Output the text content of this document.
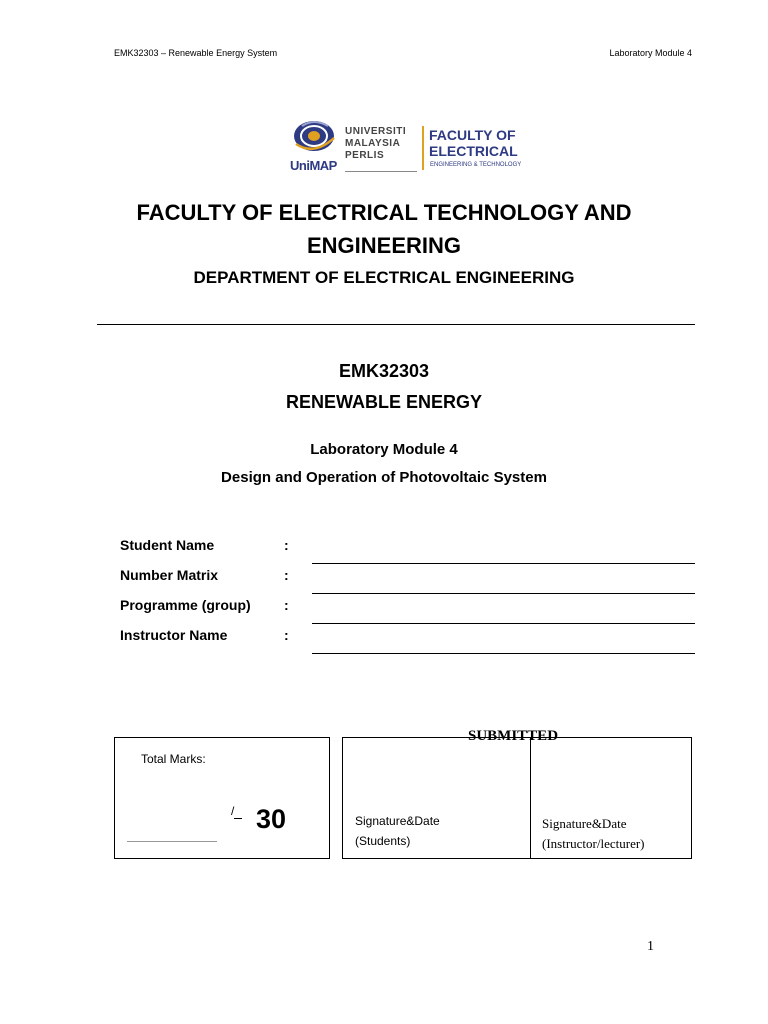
EMK32303 – Renewable Energy System	Laboratory Module 4
UniMAP
UNIVERSITI
MALAYSIA
PERLIS
FACULTY OF
ELECTRICAL
ENGINEERING & TECHNOLOGY
FACULTY OF ELECTRICAL TECHNOLOGY AND
ENGINEERING
DEPARTMENT OF ELECTRICAL ENGINEERING
EMK32303
RENEWABLE ENERGY
Laboratory Module 4
Design and Operation of Photovoltaic System
Student Name	:
Number Matrix	:
Programme (group) :
Instructor Name	:
Total Marks:
/ 30	Signature&Date
(Students)
Signature&Date
(Instructor/lecturer)
SUBMITTED
1
